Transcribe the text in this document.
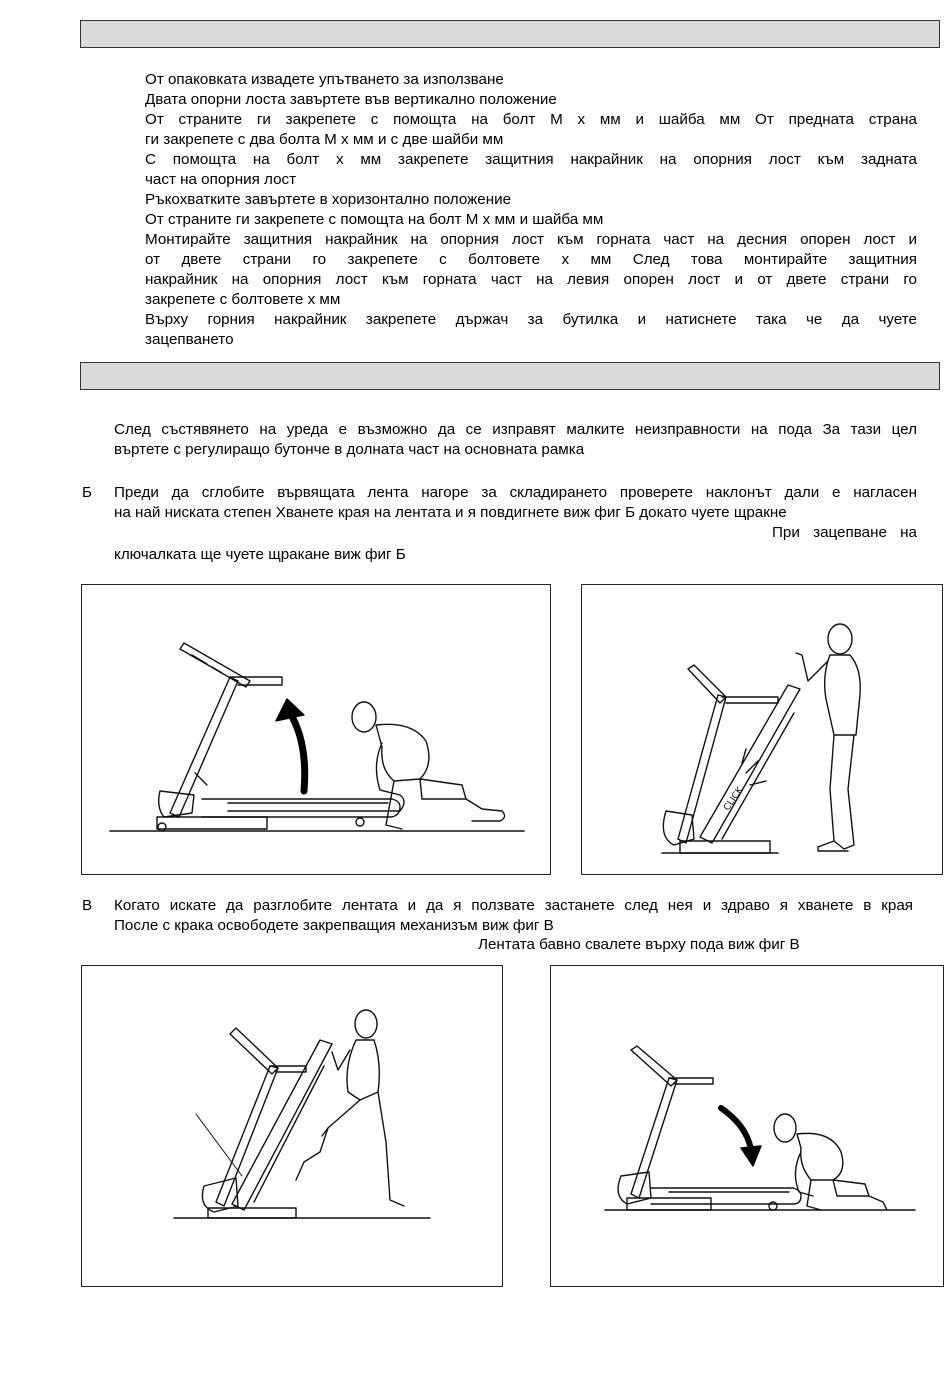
От опаковката извадете упътването за използване
Двата опорни лоста завъртете във вертикално положение
От страните ги закрепете с помощта на болт М х мм и шайба мм От предната страна
ги закрепете с два болта М х мм и с две шайби мм
С помощта на болт х мм закрепете защитния накрайник на опорния лост към задната
част на опорния лост
Ръкохватките завъртете в хоризонтално положение
От страните ги закрепете с помощта на болт М х мм и шайба мм
Монтирайте защитния накрайник на опорния лост към горната част на десния опорен лост и
от двете страни го закрепете с болтовете х мм След това монтирайте защитния
накрайник на опорния лост към горната част на левия опорен лост и от двете страни го
закрепете с болтовете х мм
Върху горния накрайник закрепете държач за бутилка и натиснете така че да чуете
зацепването
След състявянето на уреда е възможно да се изправят малките неизправности на пода За тази цел
въртете с регулиращо бутонче в долната част на основната рамка
Б Преди да сглобите вървящата лента нагоре за складирането проверете наклонът дали е нагласен
на най ниската степен Хванете края на лентата и я повдигнете виж фиг Б докато чуете щракне
При зацепване на
ключалката ще чуете щракане виж фиг Б
CLICK
В Когато искате да разглобите лентата и да я ползвате застанете след нея и здраво я хванете в края
После с крака освободете закрепващия механизъм виж фиг В
Лентата бавно свалете върху пода виж фиг В
